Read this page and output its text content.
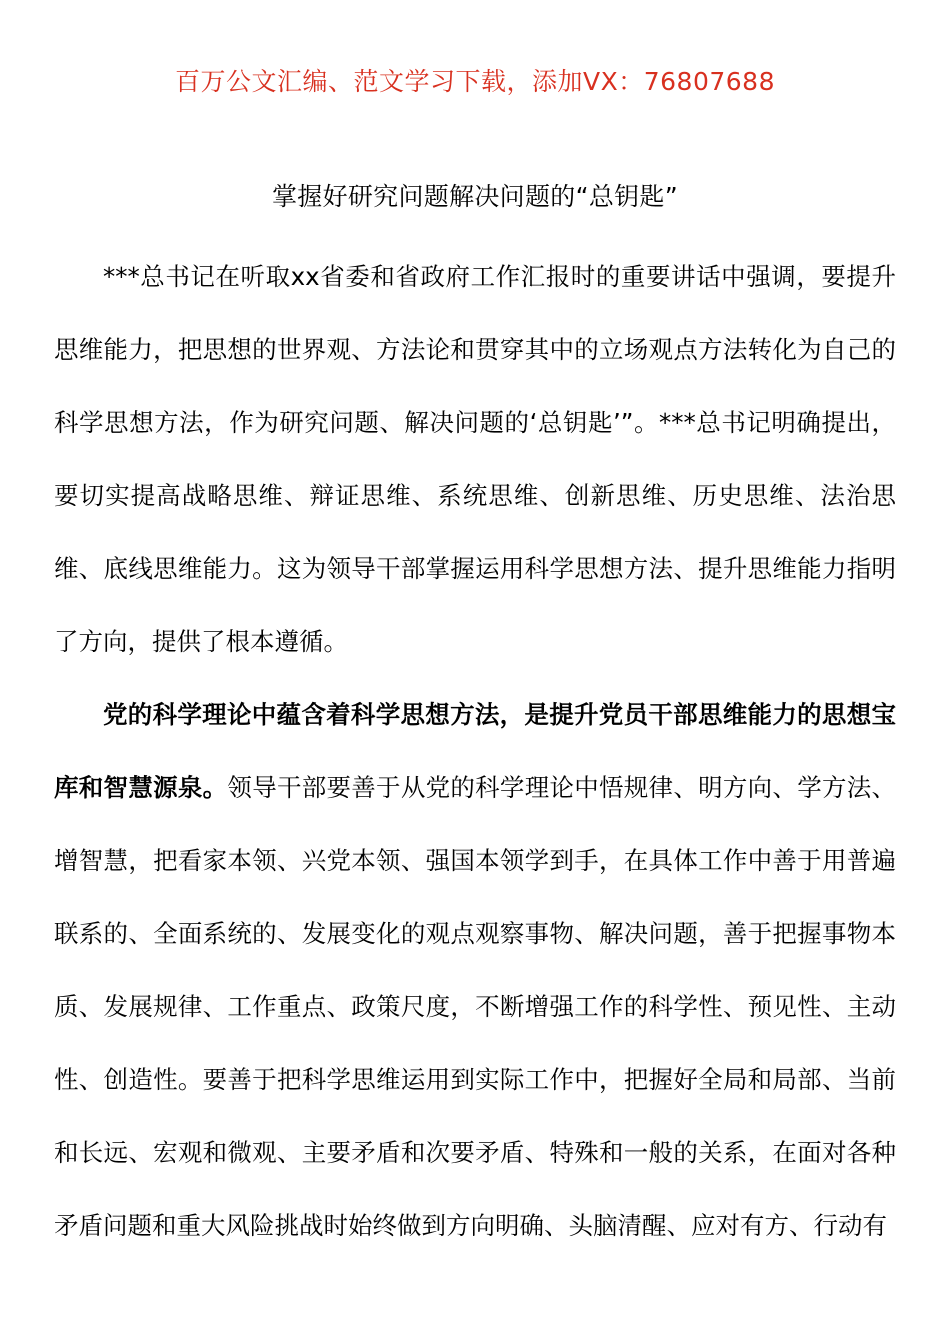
百万公文汇编、范文学习下载，添加VX：76807688
掌握好研究问题解决问题的“总钥匙”

***总书记在听取xx省委和省政府工作汇报时的重要讲话中强调，要提升思维能力，把思想的世界观、方法论和贯穿其中的立场观点方法转化为自己的科学思想方法，作为研究问题、解决问题的‘总钥匙’”。***总书记明确提出，要切实提高战略思维、辩证思维、系统思维、创新思维、历史思维、法治思维、底线思维能力。这为领导干部掌握运用科学思想方法、提升思维能力指明了方向，提供了根本遵循。

党的科学理论中蕴含着科学思想方法，是提升党员干部思维能力的思想宝库和智慧源泉。领导干部要善于从党的科学理论中悟规律、明方向、学方法、增智慧，把看家本领、兴党本领、强国本领学到手，在具体工作中善于用普遍联系的、全面系统的、发展变化的观点观察事物、解决问题，善于把握事物本质、发展规律、工作重点、政策尺度，不断增强工作的科学性、预见性、主动性、创造性。要善于把科学思维运用到实际工作中，把握好全局和局部、当前和长远、宏观和微观、主要矛盾和次要矛盾、特殊和一般的关系，在面对各种矛盾问题和重大风险挑战时始终做到方向明确、头脑清醒、应对有方、行动有
